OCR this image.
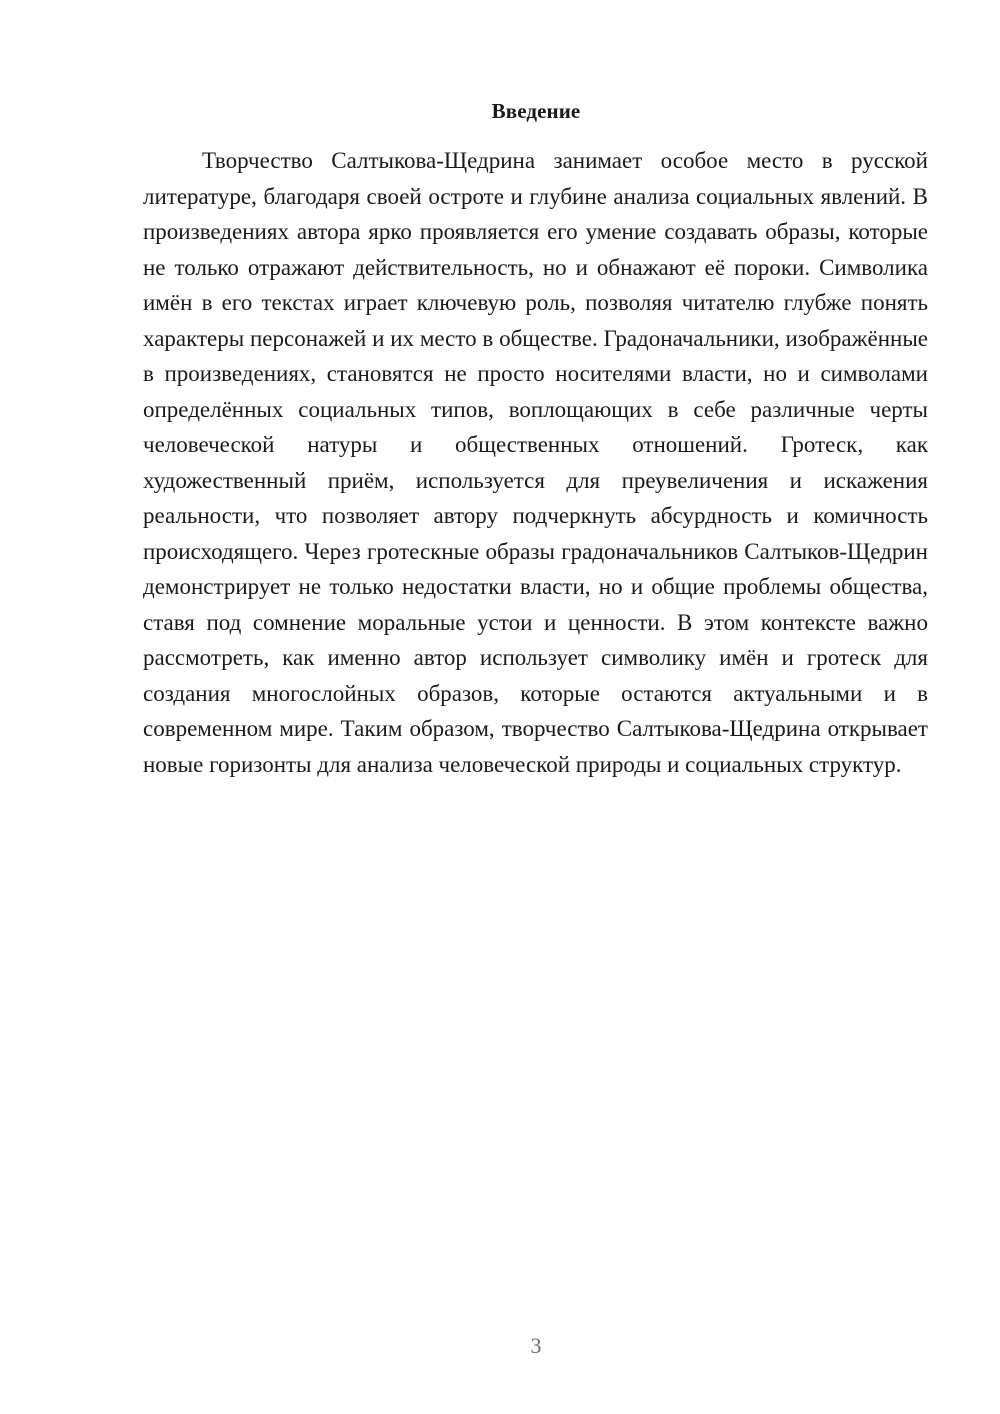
Введение

Творчество Салтыкова-Щедрина занимает особое место в русской литературе, благодаря своей остроте и глубине анализа социальных явлений. В произведениях автора ярко проявляется его умение создавать образы, которые не только отражают действительность, но и обнажают её пороки. Символика имён в его текстах играет ключевую роль, позволяя читателю глубже понять характеры персонажей и их место в обществе. Градоначальники, изображённые в произведениях, становятся не просто носителями власти, но и символами определённых социальных типов, воплощающих в себе различные черты человеческой натуры и общественных отношений. Гротеск, как художественный приём, используется для преувеличения и искажения реальности, что позволяет автору подчеркнуть абсурдность и комичность происходящего. Через гротескные образы градоначальников Салтыков-Щедрин демонстрирует не только недостатки власти, но и общие проблемы общества, ставя под сомнение моральные устои и ценности. В этом контексте важно рассмотреть, как именно автор использует символику имён и гротеск для создания многослойных образов, которые остаются актуальными и в современном мире. Таким образом, творчество Салтыкова-Щедрина открывает новые горизонты для анализа человеческой природы и социальных структур.

3
